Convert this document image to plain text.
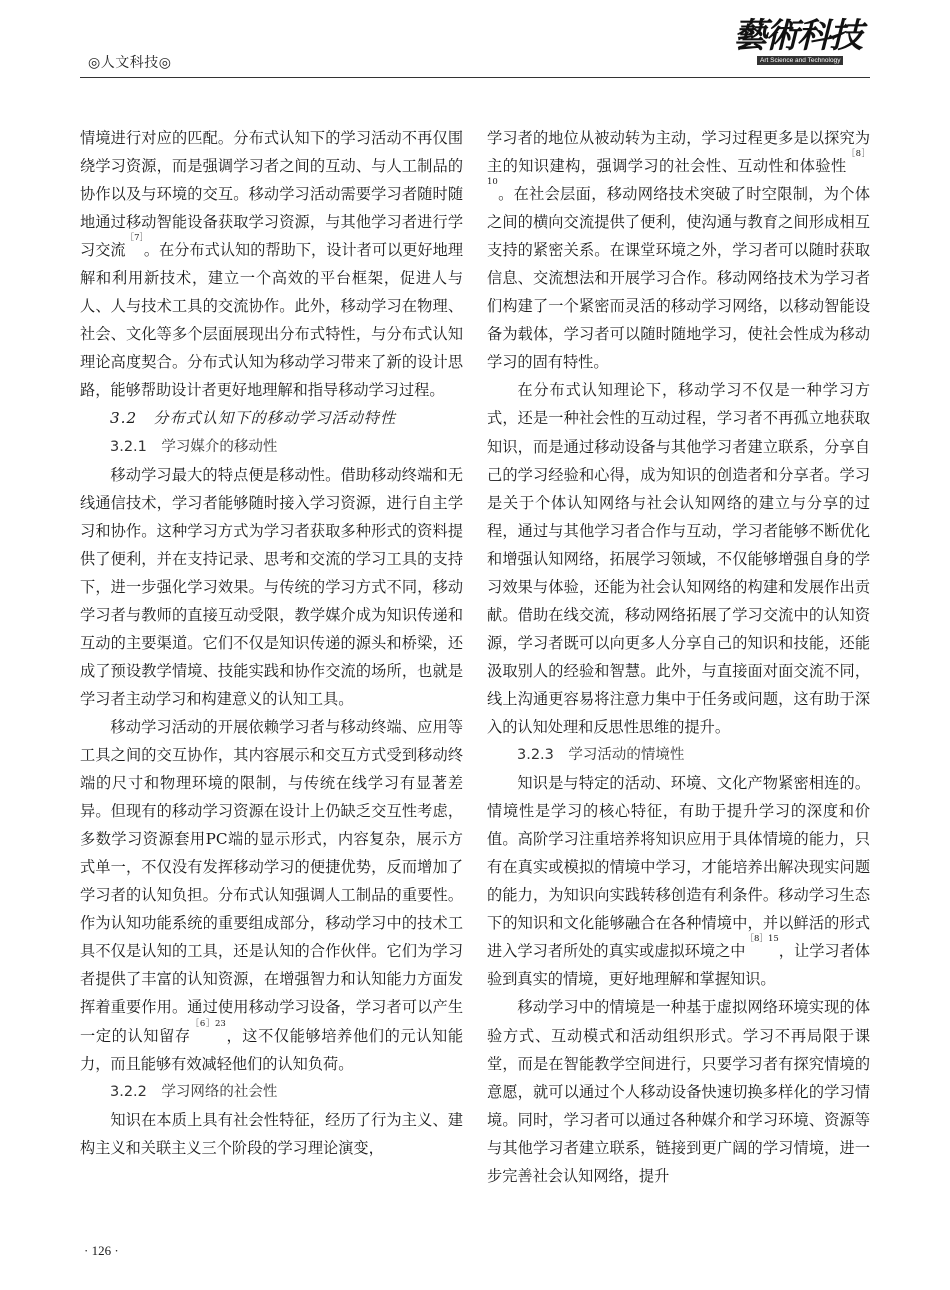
◎人文科技◎
藝術科技
Art Science and Technology

情境进行对应的匹配。分布式认知下的学习活动不再仅围绕学习资源，而是强调学习者之间的互动、与人工制品的协作以及与环境的交互。移动学习活动需要学习者随时随地通过移动智能设备获取学习资源，与其他学习者进行学习交流$^{[7]}$。在分布式认知的帮助下，设计者可以更好地理解和利用新技术，建立一个高效的平台框架，促进人与人、人与技术工具的交流协作。此外，移动学习在物理、社会、文化等多个层面展现出分布式特性，与分布式认知理论高度契合。分布式认知为移动学习带来了新的设计思路，能够帮助设计者更好地理解和指导移动学习过程。

3.2　分布式认知下的移动学习活动特性

3.2.1　学习媒介的移动性

移动学习最大的特点便是移动性。借助移动终端和无线通信技术，学习者能够随时接入学习资源，进行自主学习和协作。这种学习方式为学习者获取多种形式的资料提供了便利，并在支持记录、思考和交流的学习工具的支持下，进一步强化学习效果。与传统的学习方式不同，移动学习者与教师的直接互动受限，教学媒介成为知识传递和互动的主要渠道。它们不仅是知识传递的源头和桥梁，还成了预设教学情境、技能实践和协作交流的场所，也就是学习者主动学习和构建意义的认知工具。

移动学习活动的开展依赖学习者与移动终端、应用等工具之间的交互协作，其内容展示和交互方式受到移动终端的尺寸和物理环境的限制，与传统在线学习有显著差异。但现有的移动学习资源在设计上仍缺乏交互性考虑，多数学习资源套用PC端的显示形式，内容复杂，展示方式单一，不仅没有发挥移动学习的便捷优势，反而增加了学习者的认知负担。分布式认知强调人工制品的重要性。作为认知功能系统的重要组成部分，移动学习中的技术工具不仅是认知的工具，还是认知的合作伙伴。它们为学习者提供了丰富的认知资源，在增强智力和认知能力方面发挥着重要作用。通过使用移动学习设备，学习者可以产生一定的认知留存$^{[6]23}$，这不仅能够培养他们的元认知能力，而且能够有效减轻他们的认知负荷。

3.2.2　学习网络的社会性

知识在本质上具有社会性特征，经历了行为主义、建构主义和关联主义三个阶段的学习理论演变，

学习者的地位从被动转为主动，学习过程更多是以探究为主的知识建构，强调学习的社会性、互动性和体验性$^{[8]10}$。在社会层面，移动网络技术突破了时空限制，为个体之间的横向交流提供了便利，使沟通与教育之间形成相互支持的紧密关系。在课堂环境之外，学习者可以随时获取信息、交流想法和开展学习合作。移动网络技术为学习者们构建了一个紧密而灵活的移动学习网络，以移动智能设备为载体，学习者可以随时随地学习，使社会性成为移动学习的固有特性。

在分布式认知理论下，移动学习不仅是一种学习方式，还是一种社会性的互动过程，学习者不再孤立地获取知识，而是通过移动设备与其他学习者建立联系，分享自己的学习经验和心得，成为知识的创造者和分享者。学习是关于个体认知网络与社会认知网络的建立与分享的过程，通过与其他学习者合作与互动，学习者能够不断优化和增强认知网络，拓展学习领域，不仅能够增强自身的学习效果与体验，还能为社会认知网络的构建和发展作出贡献。借助在线交流，移动网络拓展了学习交流中的认知资源，学习者既可以向更多人分享自己的知识和技能，还能汲取别人的经验和智慧。此外，与直接面对面交流不同，线上沟通更容易将注意力集中于任务或问题，这有助于深入的认知处理和反思性思维的提升。

3.2.3　学习活动的情境性

知识是与特定的活动、环境、文化产物紧密相连的。情境性是学习的核心特征，有助于提升学习的深度和价值。高阶学习注重培养将知识应用于具体情境的能力，只有在真实或模拟的情境中学习，才能培养出解决现实问题的能力，为知识向实践转移创造有利条件。移动学习生态下的知识和文化能够融合在各种情境中，并以鲜活的形式进入学习者所处的真实或虚拟环境之中$^{[8]15}$，让学习者体验到真实的情境，更好地理解和掌握知识。

移动学习中的情境是一种基于虚拟网络环境实现的体验方式、互动模式和活动组织形式。学习不再局限于课堂，而是在智能教学空间进行，只要学习者有探究情境的意愿，就可以通过个人移动设备快速切换多样化的学习情境。同时，学习者可以通过各种媒介和学习环境、资源等与其他学习者建立联系，链接到更广阔的学习情境，进一步完善社会认知网络，提升

· 126 ·
